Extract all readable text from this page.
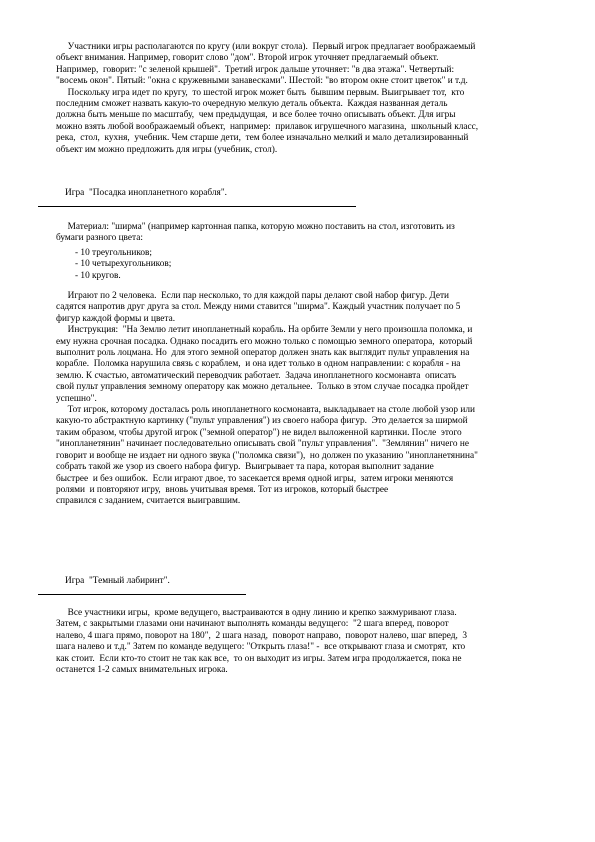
Участники игры располагаются по кругу (или вокруг стола).  Первый игрок предлагает воображаемый
объект внимания. Например, говорит слово "дом". Второй игрок уточняет предлагаемый объект.
Например,  говорит: "с зеленой крышей".  Третий игрок дальше уточняет: "в два этажа". Четвертый:
"восемь окон". Пятый: "окна с кружевными занавесками". Шестой: "во втором окне стоит цветок" и т.д.
Поскольку игра идет по кругу,  то шестой игрок может быть  бывшим первым. Выигрывает тот,  кто
последним сможет назвать какую-то очередную мелкую деталь объекта.  Каждая названная деталь
должна быть меньше по масштабу,  чем предыдущая,  и все более точно описывать объект. Для игры
можно взять любой воображаемый объект,  например:  прилавок игрушечного магазина,  школьный класс,
река,  стол,  кухня,  учебник. Чем старше дети,  тем более изначально мелкий и мало детализированный
объект им можно предложить для игры (учебник, стол).

Игра  "Посадка инопланетного корабля".

Материал: "ширма" (например картонная папка, которую можно поставить на стол, изготовить из
бумаги разного цвета:
- 10 треугольников;
- 10 четырехугольников;
- 10 кругов.
Играют по 2 человека.  Если пар несколько, то для каждой пары делают свой набор фигур. Дети
садятся напротив друг друга за стол. Между ними ставится "ширма". Каждый участник получает по 5
фигур каждой формы и цвета.
Инструкция:  "На Землю летит инопланетный корабль. На орбите Земли у него произошла поломка, и
ему нужна срочная посадка. Однако посадить его можно только с помощью земного оператора,  который
выполнит роль лоцмана. Но  для этого земной оператор должен знать как выглядит пульт управления на
корабле.  Поломка нарушила связь с кораблем,  и она идет только в одном направлении: с корабля - на
землю. К счастью, автоматический переводчик работает.  Задача инопланетного космонавта  описать
свой пульт управления земному оператору как можно детальнее.  Только в этом случае посадка пройдет
успешно".
Тот игрок, которому досталась роль инопланетного космонавта, выкладывает на столе любой узор или
какую-то абстрактную картинку ("пульт управления") из своего набора фигур.  Это делается за ширмой
таким образом, чтобы другой игрок ("земной оператор") не видел выложенной картинки. После  этого
"инопланетянин" начинает последовательно описывать свой "пульт управления".  "Землянин" ничего не
говорит и вообще не издает ни одного звука ("поломка связи"),  но должен по указанию "инопланетянина"
собрать такой же узор из своего набора фигур.  Выигрывает та пара, которая выполнит задание
быстрее  и без ошибок.  Если играют двое, то засекается время одной игры,  затем игроки меняются
ролями  и повторяют игру,  вновь учитывая время. Тот из игроков, который быстрее
справился с заданием, считается выигравшим.

Игра  "Темный лабиринт".

Все участники игры,  кроме ведущего, выстраиваются в одну линию и крепко зажмуривают глаза.
Затем, с закрытыми глазами они начинают выполнять команды ведущего:  "2 шага вперед, поворот
налево, 4 шага прямо, поворот на 180",  2 шага назад,  поворот направо,  поворот налево, шаг вперед,  3
шага налево и т.д." Затем по команде ведущего: "Открыть глаза!" -  все открывают глаза и смотрят,  кто
как стоит.  Если кто-то стоит не так как все,  то он выходит из игры. Затем игра продолжается, пока не
останется 1-2 самых внимательных игрока.
